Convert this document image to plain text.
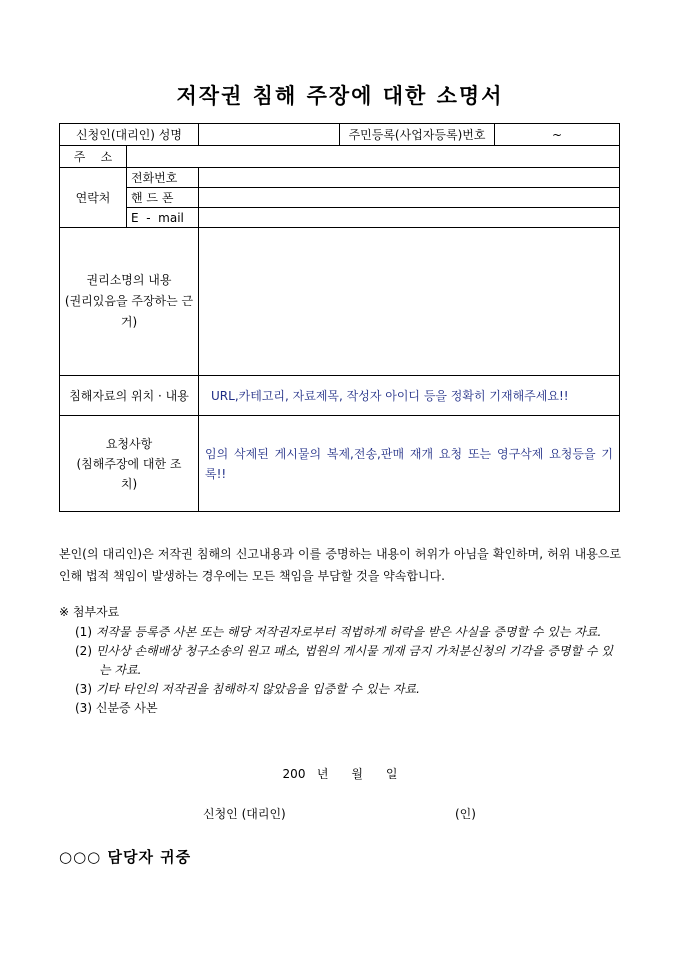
저작권 침해 주장에 대한 소명서
신청인(대리인) 성명			주민등록(사업자등록)번호	~
주    소				
연락처	전화번호			
	핸 드 폰			
	E  -  mail			
권리소명의 내용
(권리있음을 주장하는 근거)				
침해자료의 위치 · 내용		URL,카테고리, 자료제목, 작성자 아이디 등을 정확히 기재해주세요!!		
요청사항
(침해주장에 대한 조치)		임의 삭제된 게시물의 복제,전송,판매 재개 요청 또는 영구삭제 요청등을 기록!!		
본인(의 대리인)은 저작권 침해의 신고내용과 이를 증명하는 내용이 허위가 아님을 확인하며, 허위 내용으로 인해 법적 책임이 발생하는 경우에는 모든 책임을 부담할 것을 약속합니다.
※ 첨부자료
(1) 저작물 등록증 사본 또는 해당 저작권자로부터 적법하게 허락을 받은 사실을 증명할 수 있는 자료.
(2) 민사상 손해배상 청구소송의 원고 패소, 법원의 게시물 게재 금지 가처분신청의 기각을 증명할 수 있는 자료.
(3) 기타 타인의 저작권을 침해하지 않았음을 입증할 수 있는 자료.
(3) 신분증 사본
200   년      월      일
신청인 (대리인)	(인)
○○○ 담당자 귀중
